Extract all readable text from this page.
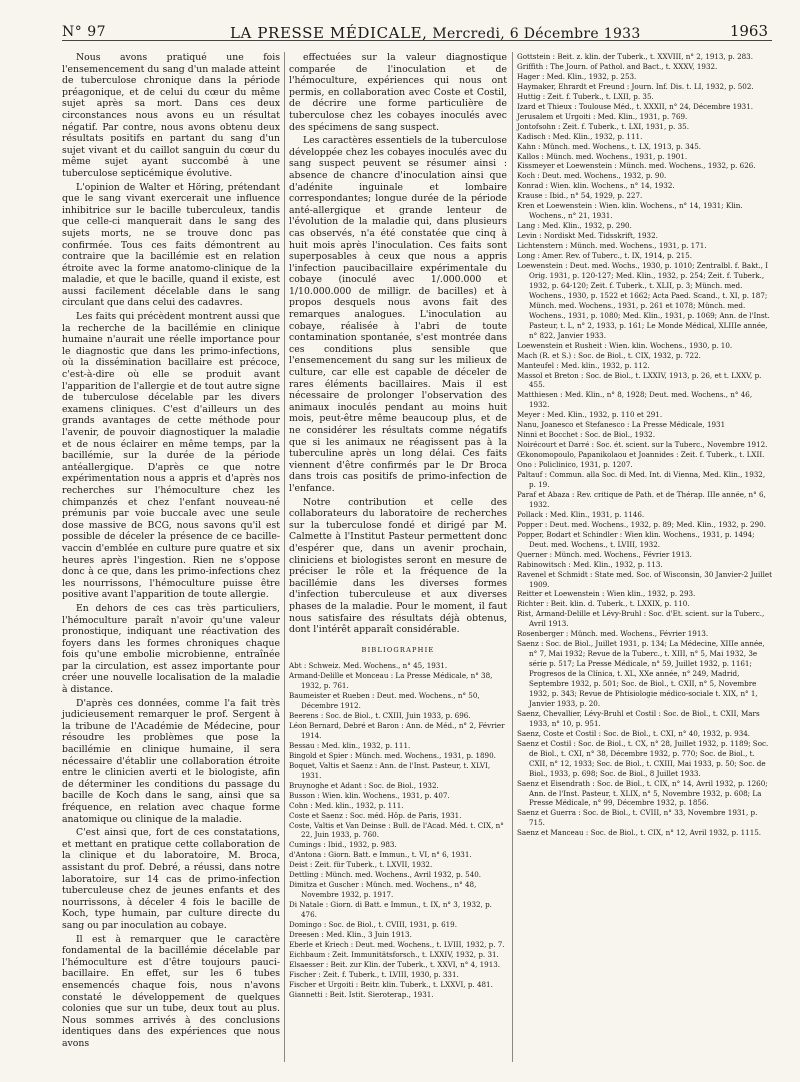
N° 97	LA PRESSE MÉDICALE, Mercredi, 6 Décembre 1933	1963

Nous avons pratiqué une fois l'ensemencement du sang d'un malade atteint de tuberculose chronique dans la période préagonique, et de celui du cœur du même sujet après sa mort. Dans ces deux circonstances nous avons eu un résultat négatif. Par contre, nous avons obtenu deux résultats positifs en partant du sang d'un sujet vivant et du caillot sanguin du cœur du même sujet ayant succombé à une tuberculose septicémique évolutive.

L'opinion de Walter et Höring, prétendant que le sang vivant exercerait une influence inhibitrice sur le bacille tuberculeux, tandis que celle-ci manquerait dans le sang des sujets morts, ne se trouve donc pas confirmée. Tous ces faits démontrent au contraire que la bacillémie est en relation étroite avec la forme anatomo-clinique de la maladie, et que le bacille, quand il existe, est aussi facilement décelable dans le sang circulant que dans celui des cadavres.

Les faits qui précèdent montrent aussi que la recherche de la bacillémie en clinique humaine n'aurait une réelle importance pour le diagnostic que dans les primo-infections, où la dissémination bacillaire est précoce, c'est-à-dire où elle se produit avant l'apparition de l'allergie et de tout autre signe de tuberculose décelable par les divers examens cliniques. C'est d'ailleurs un des grands avantages de cette méthode pour l'avenir, de pouvoir diagnostiquer la maladie et de nous éclairer en même temps, par la bacillémie, sur la durée de la période antéallergique. D'après ce que notre expérimentation nous a appris et d'après nos recherches sur l'hémoculture chez les chimpanzés et chez l'enfant nouveau-né prémunis par voie buccale avec une seule dose massive de BCG, nous savons qu'il est possible de déceler la présence de ce bacille-vaccin d'emblée en culture pure quatre et six heures après l'ingestion. Rien ne s'oppose donc à ce que, dans les primo-infections chez les nourrissons, l'hémoculture puisse être positive avant l'apparition de toute allergie.

En dehors de ces cas très particuliers, l'hémoculture paraît n'avoir qu'une valeur pronostique, indiquant une réactivation des foyers dans les formes chroniques chaque fois qu'une embolie microbienne, entraînée par la circulation, est assez importante pour créer une nouvelle localisation de la maladie à distance.

D'après ces données, comme l'a fait très judicieusement remarquer le prof. Sergent à la tribune de l'Académie de Médecine, pour résoudre les problèmes que pose la bacillémie en clinique humaine, il sera nécessaire d'établir une collaboration étroite entre le clinicien averti et le biologiste, afin de déterminer les conditions du passage du bacille de Koch dans le sang, ainsi que sa fréquence, en relation avec chaque forme anatomique ou clinique de la maladie.

C'est ainsi que, fort de ces constatations, et mettant en pratique cette collaboration de la clinique et du laboratoire, M. Broca, assistant du prof. Debré, a réussi, dans notre laboratoire, sur 14 cas de primo-infection tuberculeuse chez de jeunes enfants et des nourrissons, à déceler 4 fois le bacille de Koch, type humain, par culture directe du sang ou par inoculation au cobaye.

Il est à remarquer que le caractère fondamental de la bacillémie décelable par l'hémoculture est d'être toujours pauci-bacillaire. En effet, sur les 6 tubes ensemencés chaque fois, nous n'avons constaté le développement de quelques colonies que sur un tube, deux tout au plus. Nous sommes arrivés à des conclusions identiques dans des expériences que nous avons

effectuées sur la valeur diagnostique comparée de l'inoculation et de l'hémoculture, expériences qui nous ont permis, en collaboration avec Coste et Costil, de décrire une forme particulière de tuberculose chez les cobayes inoculés avec des spécimens de sang suspect.

Les caractères essentiels de la tuberculose développée chez les cobayes inoculés avec du sang suspect peuvent se résumer ainsi : absence de chancre d'inoculation ainsi que d'adénite inguinale et lombaire correspondantes; longue durée de la période anté-allergique et grande lenteur de l'évolution de la maladie qui, dans plusieurs cas observés, n'a été constatée que cinq à huit mois après l'inoculation. Ces faits sont superposables à ceux que nous a appris l'infection paucibacillaire expérimentale du cobaye (inoculé avec 1/.000.000 et 1/10.000.000 de milligr. de bacilles) et à propos desquels nous avons fait des remarques analogues. L'inoculation au cobaye, réalisée à l'abri de toute contamination spontanée, s'est montrée dans ces conditions plus sensible que l'ensemencement du sang sur les milieux de culture, car elle est capable de déceler de rares éléments bacillaires. Mais il est nécessaire de prolonger l'observation des animaux inoculés pendant au moins huit mois, peut-être même beaucoup plus, et de ne considérer les résultats comme négatifs que si les animaux ne réagissent pas à la tuberculine après un long délai. Ces faits viennent d'être confirmés par le Dr Broca dans trois cas positifs de primo-infection de l'enfance.

Notre contribution et celle des collaborateurs du laboratoire de recherches sur la tuberculose fondé et dirigé par M. Calmette à l'Institut Pasteur permettent donc d'espérer que, dans un avenir prochain, cliniciens et biologistes seront en mesure de préciser le rôle et la fréquence de la bacillémie dans les diverses formes d'infection tuberculeuse et aux diverses phases de la maladie. Pour le moment, il faut nous satisfaire des résultats déjà obtenus, dont l'intérêt apparaît considérable.

BIBLIOGRAPHIE
Abt : Schweiz. Med. Wochens., n° 45, 1931.
Armand-Delille et Monceau : La Presse Médicale, n° 38, 1932, p. 761.
Baumeister et Rueben : Deut. med. Wochens., n° 50, Décembre 1912.
Beerens : Soc. de Biol., t. CXIII, Juin 1933, p. 696.
Léon Bernard, Debré et Baron : Ann. de Méd., n° 2, Février 1914.
Bessau : Med. klin., 1932, p. 111.
Bingold et Spier : Münch. med. Wochens., 1931, p. 1890.
Boquet, Valtis et Saenz : Ann. de l'Inst. Pasteur, t. XLVI, 1931.
Bruynoghe et Adant : Soc. de Biol., 1932.
Busson : Wien. klin. Wochens., 1931, p. 407.
Cohn : Med. klin., 1932, p. 111.
Coste et Saenz : Soc. méd. Hôp. de Paris, 1931.
Coste, Valtis et Van Deinse : Bull. de l'Acad. Méd. t. CIX, n° 22, Juin 1933, p. 760.
Cumings : Ibid., 1932, p. 983.
d'Antona : Giorn. Batt. e Immun., t. VI, n° 6, 1931.
Deist : Zeit. für Tuberk., t. LXVII, 1932.
Dettling : Münch. med. Wochens., Avril 1932, p. 540.
Dimitza et Guscher : Münch. med. Wochens., n° 48, Novembre 1932, p. 1917.
Di Natale : Giorn. di Batt. e Immun., t. IX, n° 3, 1932, p. 476.
Domingo : Soc. de Biol., t. CVIII, 1931, p. 619.
Dreesen : Med. Klin., 3 Juin 1913.
Eberle et Kriech : Deut. med. Wochens., t. LVIII, 1932, p. 7.
Eichbaum : Zeit. Immunitätsforsch., t. LXXIV, 1932, p. 31.
Elsaesser : Beit. zur Klin. der Tuberk., t. XXVI, n° 4, 1913.
Fischer : Zeit. f. Tuberk., t. LVIII, 1930, p. 331.
Fischer et Urgoiti : Beitr. klin. Tuberk., t. LXXVI, p. 481.
Giannetti : Beit. Istit. Sieroterap., 1931.
Gottstein : Beit. z. klin. der Tuberk., t. XXVIII, n° 2, 1913, p. 283.
Griffith : The Journ. of Pathol. and Bact., t. XXXV, 1932.
Hager : Med. Klin., 1932, p. 253.
Haymaker, Ehrardt et Freund : Journ. Inf. Dis. t. LI, 1932, p. 502.
Huttig : Zeit. f. Tuberk., t. LXII, p. 35.
Izard et Thieux : Toulouse Méd., t. XXXII, n° 24, Décembre 1931.
Jerusalem et Urgoiti : Med. Klin., 1931, p. 769.
Jontofsohn : Zeit. f. Tuberk., t. LXI, 1931, p. 35.
Kadisch : Med. Klin., 1932, p. 111.
Kahn : Münch. med. Wochens., t. LX, 1913, p. 345.
Kallos : Münch. med. Wochens., 1931, p. 1901.
Kissmeyer et Loewenstein : Münch. med. Wochens., 1932, p. 626.
Koch : Deut. med. Wochens., 1932, p. 90.
Konrad : Wien. klin. Wochens., n° 14, 1932.
Krause : Ibid., n° 54, 1929, p. 227.
Kren et Loewenstein : Wien. klin. Wochens., n° 14, 1931; Klin. Wochens., n° 21, 1931.
Lang : Med. Klin., 1932, p. 290.
Levin : Nordiskt Med. Tidsskrift, 1932.
Lichtenstern : Münch. med. Wochens., 1931, p. 171.
Long : Amer. Rev. of Tuberc., t. IX, 1914, p. 215.
Loewenstein : Deut. med. Wochs., 1930, p. 1010; Zentralbl. f. Bakt., I Orig. 1931, p. 120-127; Med. Klin., 1932, p. 254; Zeit. f. Tuberk., 1932, p. 64-120; Zeit. f. Tuberk., t. XLII, p. 3; Münch. med. Wochens., 1930, p. 1522 et 1662; Acta Paed. Scand., t. XI, p. 187; Münch. med. Wochens., 1931, p. 261 et 1078; Münch. med. Wochens., 1931, p. 1080; Med. Klin., 1931, p. 1069; Ann. de l'Inst. Pasteur, t. L, n° 2, 1933, p. 161; Le Monde Médical, XLIIIe année, n° 822, Janvier 1933.
Loewenstein et Rusheit : Wien. klin. Wochens., 1930, p. 10.
Mach (R. et S.) : Soc. de Biol., t. CIX, 1932, p. 722.
Manteufel : Med. klin., 1932, p. 112.
Massol et Breton : Soc. de Biol., t. LXXIV, 1913, p. 26, et t. LXXV, p. 455.
Matthiesen : Med. Klin., n° 8, 1928; Deut. med. Wochens., n° 46, 1932.
Meyer : Med. Klin., 1932, p. 110 et 291.
Nanu, Joanesco et Stefanesco : La Presse Médicale, 1931
Ninni et Bocchet : Soc. de Biol., 1932.
Noirécourt et Darré : Soc. ét. scient. sur la Tuberc., Novembre 1912.
Œkonomopoulo, Papanikolaou et Joannides : Zeit. f. Tuberk., t. LXII.
Ono : Policlinico, 1931, p. 1207.
Paltauf : Commun. alla Soc. di Med. Int. di Vienna, Med. Klin., 1932, p. 19.
Paraf et Abaza : Rev. critique de Path. et de Thérap. IIIe année, n° 6, 1932.
Pollack : Med. Klin., 1931, p. 1146.
Popper : Deut. med. Wochens., 1932, p. 89; Med. Klin., 1932, p. 290.
Popper, Bodart et Schindler : Wien klin. Wochens., 1931, p. 1494; Deut. med. Wochens., t. LVIII, 1932.
Querner : Münch. med. Wochens., Février 1913.
Rabinowitsch : Med. Klin., 1932, p. 113.
Ravenel et Schmidt : State med. Soc. of Wisconsin, 30 Janvier-2 Juillet 1909.
Reitter et Loewenstein : Wien klin., 1932, p. 293.
Richter : Beit. klin. d. Tuberk., t. LXXIX, p. 110.
Rist, Armand-Delille et Lévy-Bruhl : Soc. d'Et. scient. sur la Tuberc., Avril 1913.
Rosenberger : Münch. med. Wochens., Février 1913.
Saenz : Soc. de Biol., Juillet 1931, p. 134; La Médecine, XIIIe année, n° 7, Mai 1932; Revue de la Tuberc., t. XIII, n° 5, Mai 1932, 3e série p. 517; La Presse Médicale, n° 59, Juillet 1932, p. 1161; Progresos de la Clínica, t. XL, XXe année, n° 249, Madrid, Septembre 1932, p. 501; Soc. de Biol., t. CXII, n° 5, Novembre 1932, p. 343; Revue de Phtisiologie médico-sociale t. XIX, n° 1, Janvier 1933, p. 20.
Saenz, Chevallier, Lévy-Bruhl et Costil : Soc. de Biol., t. CXII, Mars 1933, n° 10, p. 951.
Saenz, Coste et Costil : Soc. de Biol., t. CXI, n° 40, 1932, p. 934.
Saenz et Costil : Soc. de Biol., t. CX, n° 28, Juillet 1932, p. 1189; Soc. de Biol., t. CXI, n° 38, Décembre 1932, p. 770; Soc. de Biol., t. CXII, n° 12, 1933; Soc. de Biol., t. CXIII, Mai 1933, p. 50; Soc. de Biol., 1933, p. 698; Soc. de Biol., 8 Juillet 1933.
Saenz et Eisendrath : Soc. de Biol., t. CIX, n° 14, Avril 1932, p. 1260; Ann. de l'Inst. Pasteur, t. XLIX, n° 5, Novembre 1932, p. 608; La Presse Médicale, n° 99, Décembre 1932, p. 1856.
Saenz et Guerra : Soc. de Biol., t. CVIII, n° 33, Novembre 1931, p. 715.
Saenz et Manceau : Soc. de Biol., t. CIX, n° 12, Avril 1932, p. 1115.
